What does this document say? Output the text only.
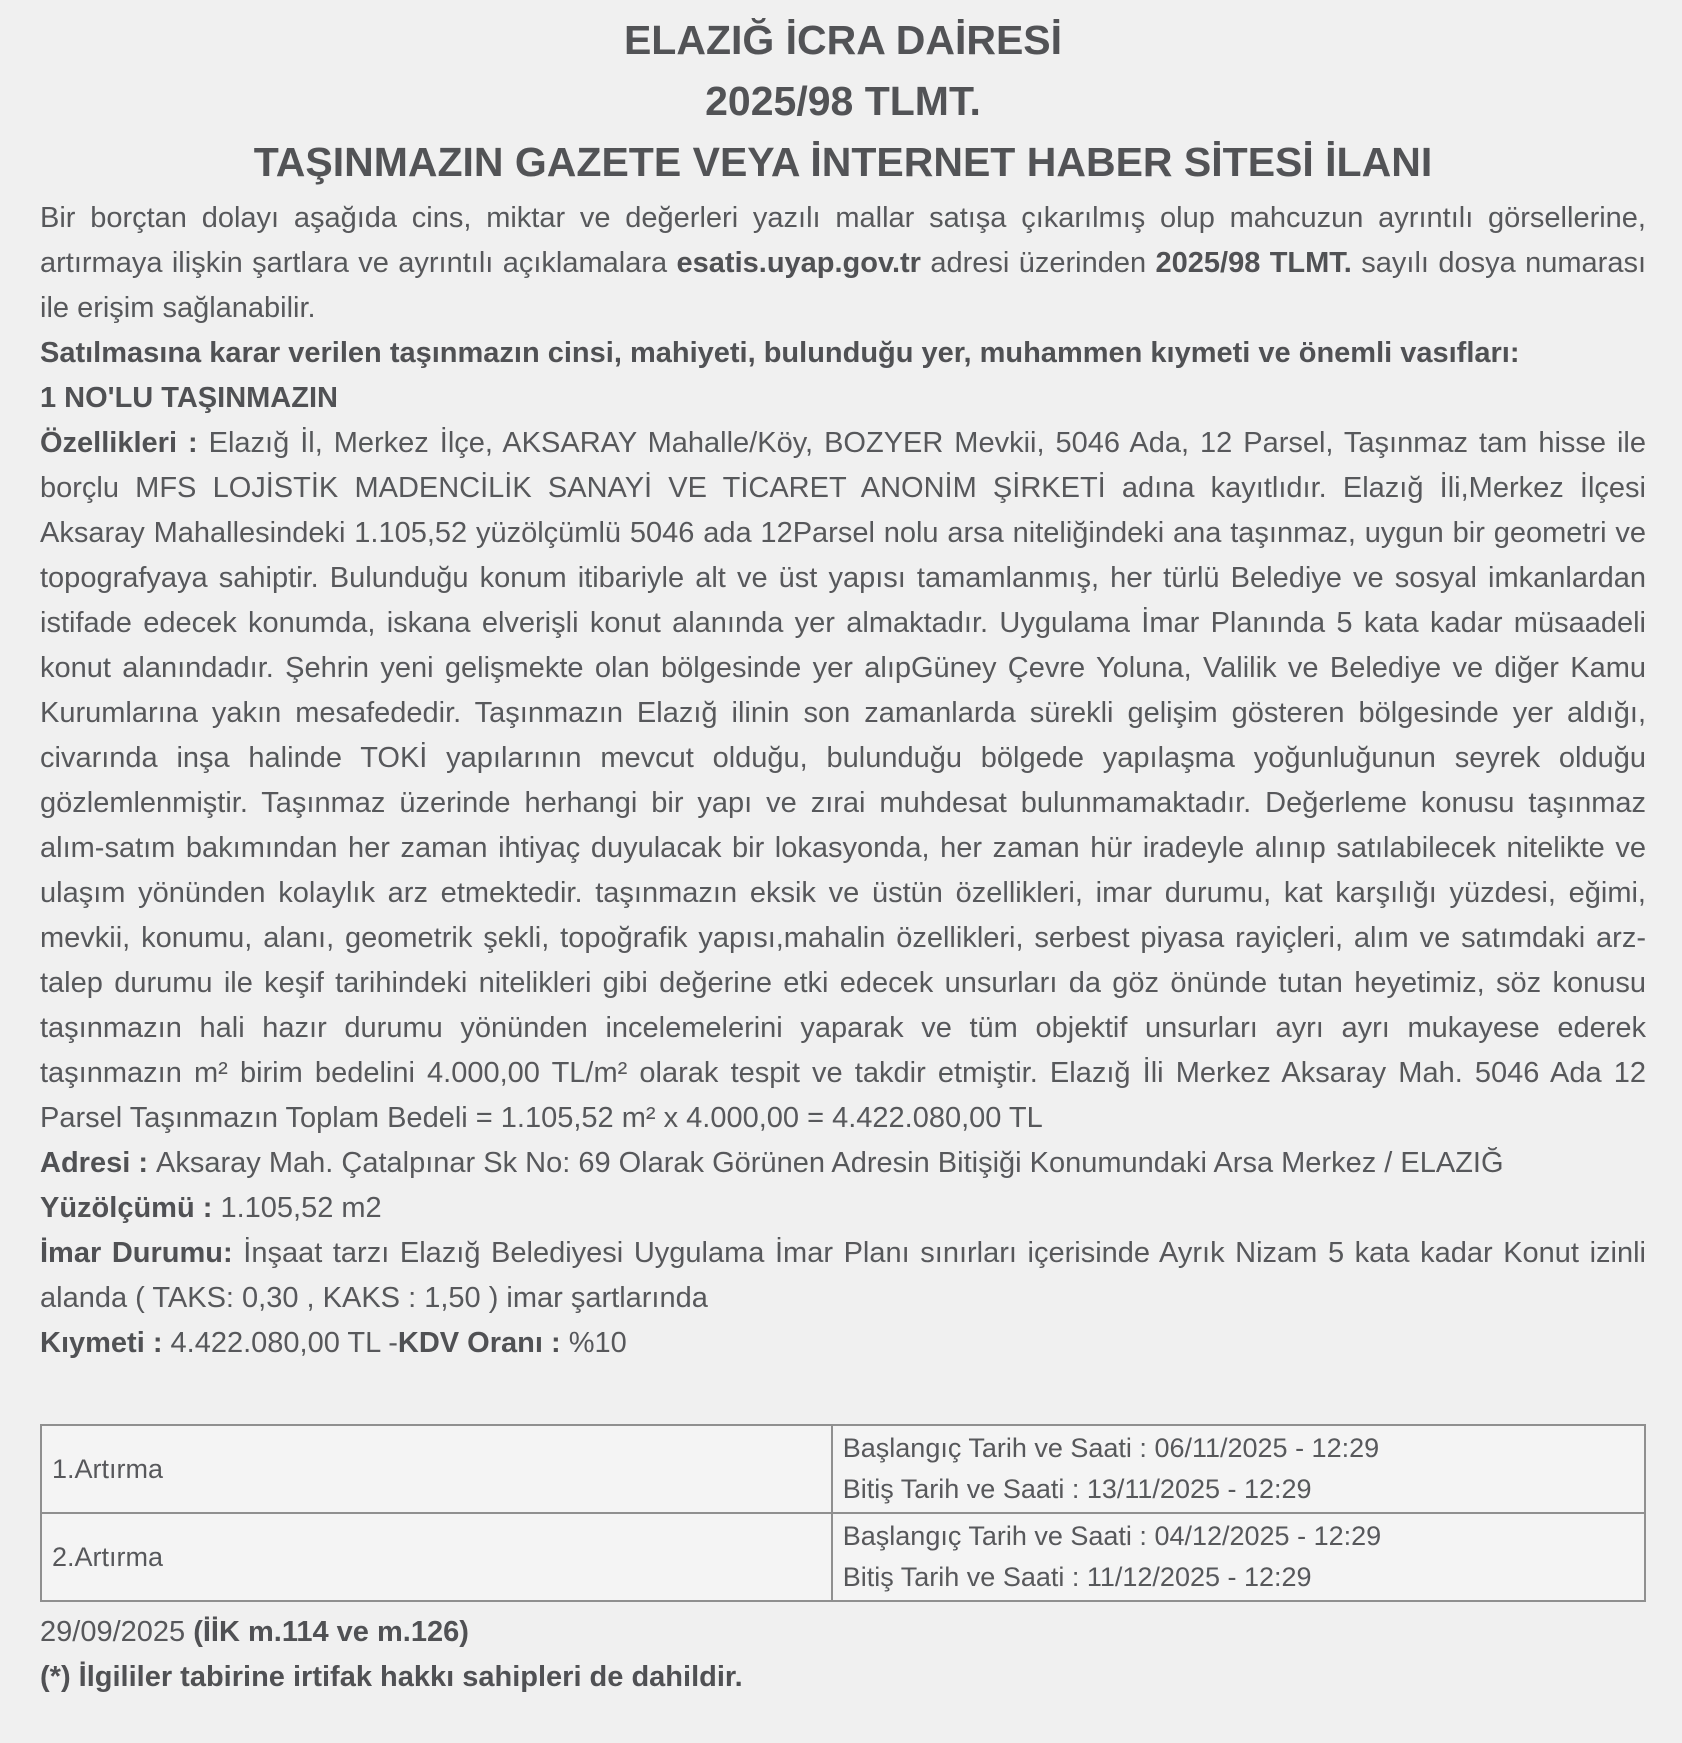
ELAZIĞ İCRA DAİRESİ
2025/98 TLMT.
TAŞINMAZIN GAZETE VEYA İNTERNET HABER SİTESİ İLANI

Bir borçtan dolayı aşağıda cins, miktar ve değerleri yazılı mallar satışa çıkarılmış olup mahcuzun ayrıntılı görsellerine, artırmaya ilişkin şartlara ve ayrıntılı açıklamalara esatis.uyap.gov.tr adresi üzerinden 2025/98 TLMT. sayılı dosya numarası ile erişim sağlanabilir.

Satılmasına karar verilen taşınmazın cinsi, mahiyeti, bulunduğu yer, muhammen kıymeti ve önemli vasıfları:

1 NO'LU TAŞINMAZIN

Özellikleri : Elazığ İl, Merkez İlçe, AKSARAY Mahalle/Köy, BOZYER Mevkii, 5046 Ada, 12 Parsel, Taşınmaz tam hisse ile borçlu MFS LOJİSTİK MADENCİLİK SANAYİ VE TİCARET ANONİM ŞİRKETİ adına kayıtlıdır. Elazığ İli,Merkez İlçesi Aksaray Mahallesindeki 1.105,52 yüzölçümlü 5046 ada 12Parsel nolu arsa niteliğindeki ana taşınmaz, uygun bir geometri ve topografyaya sahiptir. Bulunduğu konum itibariyle alt ve üst yapısı tamamlanmış, her türlü Belediye ve sosyal imkanlardan istifade edecek konumda, iskana elverişli konut alanında yer almaktadır. Uygulama İmar Planında 5 kata kadar müsaadeli konut alanındadır. Şehrin yeni gelişmekte olan bölgesinde yer alıpGüney Çevre Yoluna, Valilik ve Belediye ve diğer Kamu Kurumlarına yakın mesafededir. Taşınmazın Elazığ ilinin son zamanlarda sürekli gelişim gösteren bölgesinde yer aldığı, civarında inşa halinde TOKİ yapılarının mevcut olduğu, bulunduğu bölgede yapılaşma yoğunluğunun seyrek olduğu gözlemlenmiştir. Taşınmaz üzerinde herhangi bir yapı ve zırai muhdesat bulunmamaktadır. Değerleme konusu taşınmaz alım-satım bakımından her zaman ihtiyaç duyulacak bir lokasyonda, her zaman hür iradeyle alınıp satılabilecek nitelikte ve ulaşım yönünden kolaylık arz etmektedir. taşınmazın eksik ve üstün özellikleri, imar durumu, kat karşılığı yüzdesi, eğimi, mevkii, konumu, alanı, geometrik şekli, topoğrafik yapısı,mahalin özellikleri, serbest piyasa rayiçleri, alım ve satımdaki arz-talep durumu ile keşif tarihindeki nitelikleri gibi değerine etki edecek unsurları da göz önünde tutan heyetimiz, söz konusu taşınmazın hali hazır durumu yönünden incelemelerini yaparak ve tüm objektif unsurları ayrı ayrı mukayese ederek taşınmazın m² birim bedelini 4.000,00 TL/m² olarak tespit ve takdir etmiştir. Elazığ İli Merkez Aksaray Mah. 5046 Ada 12 Parsel Taşınmazın Toplam Bedeli = 1.105,52 m² x 4.000,00 = 4.422.080,00 TL

Adresi : Aksaray Mah. Çatalpınar Sk No: 69 Olarak Görünen Adresin Bitişiği Konumundaki Arsa Merkez / ELAZIĞ

Yüzölçümü : 1.105,52 m2

İmar Durumu: İnşaat tarzı Elazığ Belediyesi Uygulama İmar Planı sınırları içerisinde Ayrık Nizam 5 kata kadar Konut izinli alanda ( TAKS: 0,30 , KAKS : 1,50 ) imar şartlarında

Kıymeti : 4.422.080,00 TL -KDV Oranı : %10

1.Artırma	Başlangıç Tarih ve Saati : 06/11/2025 - 12:29
Bitiş Tarih ve Saati : 13/11/2025 - 12:29

2.Artırma	Başlangıç Tarih ve Saati : 04/12/2025 - 12:29
Bitiş Tarih ve Saati : 11/12/2025 - 12:29

29/09/2025 (İİK m.114 ve m.126)

(*) İlgililer tabirine irtifak hakkı sahipleri de dahildir.
